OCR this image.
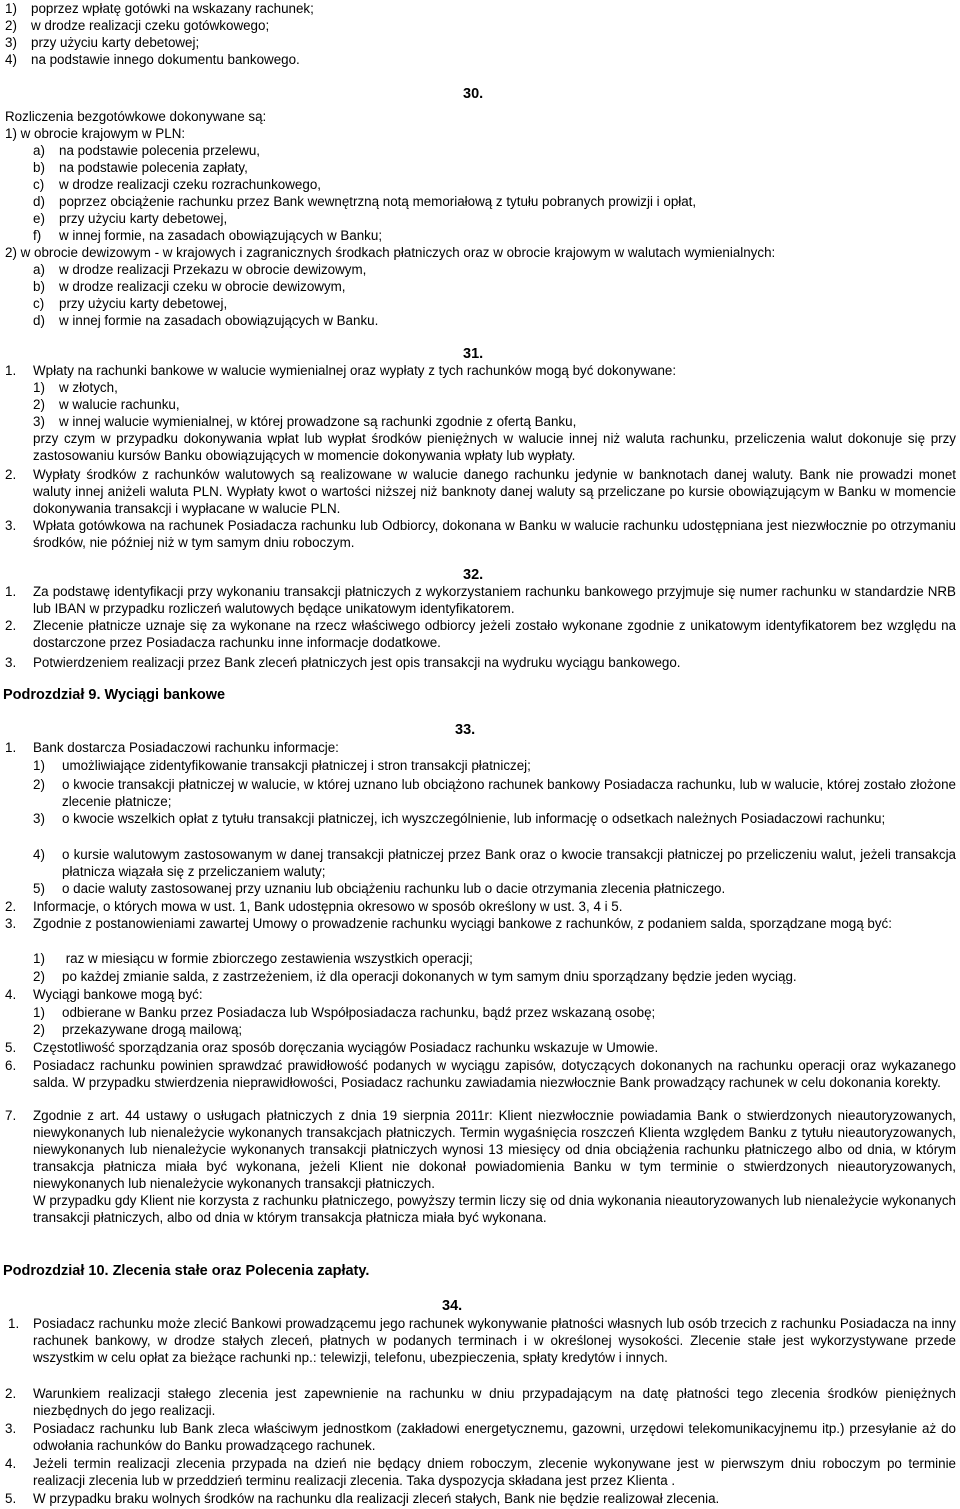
1) poprzez wpłatę gotówki na wskazany rachunek;
2) w drodze realizacji czeku gotówkowego;
3) przy użyciu karty debetowej;
4) na podstawie innego dokumentu bankowego.
30.
Rozliczenia bezgotówkowe dokonywane są:
1) w obrocie krajowym w PLN:
a) na podstawie polecenia przelewu,
b) na podstawie polecenia zapłaty,
c) w drodze realizacji czeku rozrachunkowego,
d) poprzez obciążenie rachunku przez Bank wewnętrzną notą memoriałową z tytułu pobranych prowizji i opłat,
e) przy użyciu karty debetowej,
f) w innej formie, na zasadach obowiązujących w Banku;
2) w obrocie dewizowym - w krajowych i zagranicznych środkach płatniczych oraz w obrocie krajowym w walutach wymienialnych:
a) w drodze realizacji Przekazu w obrocie dewizowym,
b) w drodze realizacji czeku w obrocie dewizowym,
c) przy użyciu karty debetowej,
d) w innej formie na zasadach obowiązujących w Banku.
31.
1. Wpłaty na rachunki bankowe w walucie wymienialnej oraz wypłaty z tych rachunków mogą być dokonywane:
1) w złotych,
2) w walucie rachunku,
3) w innej walucie wymienialnej, w której prowadzone są rachunki zgodnie z ofertą Banku,
przy czym w przypadku dokonywania wpłat lub wypłat środków pieniężnych w walucie innej niż waluta rachunku, przeliczenia walut dokonuje się przy zastosowaniu kursów Banku obowiązujących w momencie dokonywania wpłaty lub wypłaty.
2. Wypłaty środków z rachunków walutowych są realizowane w walucie danego rachunku jedynie w banknotach danej waluty. Bank nie prowadzi monet waluty innej aniżeli waluta PLN. Wypłaty kwot o wartości niższej niż banknoty danej waluty są przeliczane po kursie obowiązującym w Banku w momencie dokonywania transakcji i wypłacane w walucie PLN.
3. Wpłata gotówkowa na rachunek Posiadacza rachunku lub Odbiorcy, dokonana w Banku w walucie rachunku udostępniana jest niezwłocznie po otrzymaniu środków, nie później niż w tym samym dniu roboczym.
32.
1. Za podstawę identyfikacji przy wykonaniu transakcji płatniczych z wykorzystaniem rachunku bankowego przyjmuje się numer rachunku w standardzie NRB lub IBAN w przypadku rozliczeń walutowych będące unikatowym identyfikatorem.
2. Zlecenie płatnicze uznaje się za wykonane na rzecz właściwego odbiorcy jeżeli zostało wykonane zgodnie z unikatowym identyfikatorem bez względu na dostarczone przez Posiadacza rachunku inne informacje dodatkowe.
3. Potwierdzeniem realizacji przez Bank zleceń płatniczych jest opis transakcji na wydruku wyciągu bankowego.
Podrozdział 9. Wyciągi bankowe
33.
1. Bank dostarcza Posiadaczowi rachunku informacje:
1) umożliwiające zidentyfikowanie transakcji płatniczej i stron transakcji płatniczej;
2) o kwocie transakcji płatniczej w walucie, w której uznano lub obciążono rachunek bankowy Posiadacza rachunku, lub w walucie, której zostało złożone zlecenie płatnicze;
3) o kwocie wszelkich opłat z tytułu transakcji płatniczej, ich wyszczególnienie, lub informację o odsetkach należnych Posiadaczowi rachunku;
4) o kursie walutowym zastosowanym w danej transakcji płatniczej przez Bank oraz o kwocie transakcji płatniczej po przeliczeniu walut, jeżeli transakcja płatnicza wiązała się z przeliczaniem waluty;
5) o dacie waluty zastosowanej przy uznaniu lub obciążeniu rachunku lub o dacie otrzymania zlecenia płatniczego.
2. Informacje, o których mowa w ust. 1, Bank udostępnia okresowo w sposób określony w ust. 3, 4 i 5.
3. Zgodnie z postanowieniami zawartej Umowy o prowadzenie rachunku wyciągi bankowe z rachunków, z podaniem salda, sporządzane mogą być:
1) raz w miesiącu w formie zbiorczego zestawienia wszystkich operacji;
2) po każdej zmianie salda, z zastrzeżeniem, iż dla operacji dokonanych w tym samym dniu sporządzany będzie jeden wyciąg.
4. Wyciągi bankowe mogą być:
1) odbierane w Banku przez Posiadacza lub Współposiadacza rachunku, bądź przez wskazaną osobę;
2) przekazywane drogą mailową;
5. Częstotliwość sporządzania oraz sposób doręczania wyciągów Posiadacz rachunku wskazuje w Umowie.
6. Posiadacz rachunku powinien sprawdzać prawidłowość podanych w wyciągu zapisów, dotyczących dokonanych na rachunku operacji oraz wykazanego salda. W przypadku stwierdzenia nieprawidłowości, Posiadacz rachunku zawiadamia niezwłocznie Bank prowadzący rachunek w celu dokonania korekty.
7. Zgodnie z art. 44 ustawy o usługach płatniczych z dnia 19 sierpnia 2011r: Klient niezwłocznie powiadamia Bank o stwierdzonych nieautoryzowanych, niewykonanych lub nienależycie wykonanych transakcjach płatniczych. Termin wygaśnięcia roszczeń Klienta względem Banku z tytułu nieautoryzowanych, niewykonanych lub nienależycie wykonanych transakcji płatniczych wynosi 13 miesięcy od dnia obciążenia rachunku płatniczego albo od dnia, w którym transakcja płatnicza miała być wykonana, jeżeli Klient nie dokonał powiadomienia Banku w tym terminie o stwierdzonych nieautoryzowanych, niewykonanych lub nienależycie wykonanych transakcji płatniczych.
W przypadku gdy Klient nie korzysta z rachunku płatniczego, powyższy termin liczy się od dnia wykonania nieautoryzowanych lub nienależycie wykonanych transakcji płatniczych, albo od dnia w którym transakcja płatnicza miała być wykonana.
Podrozdział 10. Zlecenia stałe oraz Polecenia zapłaty.
34.
1. Posiadacz rachunku może zlecić Bankowi prowadzącemu jego rachunek wykonywanie płatności własnych lub osób trzecich z rachunku Posiadacza na inny rachunek bankowy, w drodze stałych zleceń, płatnych w podanych terminach i w określonej wysokości. Zlecenie stałe jest wykorzystywane przede wszystkim w celu opłat za bieżące rachunki np.: telewizji, telefonu, ubezpieczenia, spłaty kredytów i innych.
2. Warunkiem realizacji stałego zlecenia jest zapewnienie na rachunku w dniu przypadającym na datę płatności tego zlecenia środków pieniężnych niezbędnych do jego realizacji.
3. Posiadacz rachunku lub Bank zleca właściwym jednostkom (zakładowi energetycznemu, gazowni, urzędowi telekomunikacyjnemu itp.) przesyłanie aż do odwołania rachunków do Banku prowadzącego rachunek.
4. Jeżeli termin realizacji zlecenia przypada na dzień nie będący dniem roboczym, zlecenie wykonywane jest w pierwszym dniu roboczym po terminie realizacji zlecenia lub w przeddzień terminu realizacji zlecenia. Taka dyspozycja składana jest przez Klienta .
5. W przypadku braku wolnych środków na rachunku dla realizacji zleceń stałych, Bank nie będzie realizował zlecenia.
